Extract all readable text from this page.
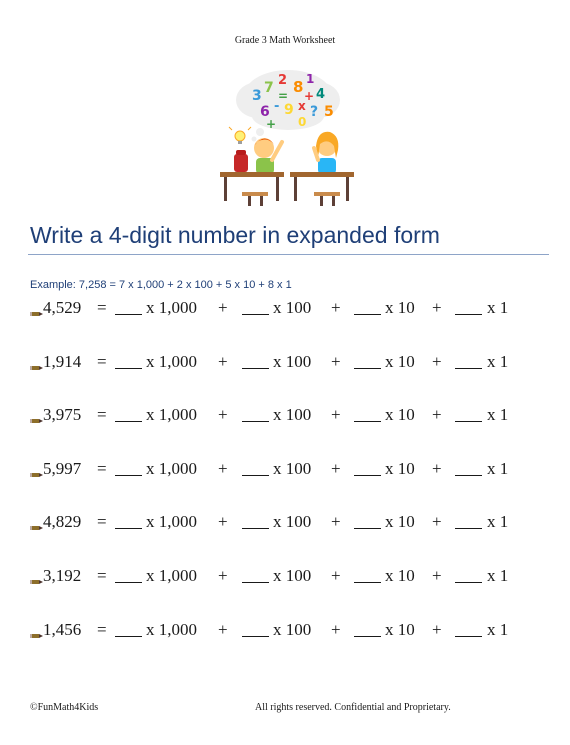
Grade 3 Math Worksheet
3 7 2 8 1
= + 4
6 - 9 x ? 5
+ 0
Write a 4-digit number in expanded form
Example: 7,258 = 7 x 1,000 + 2 x 100 + 5 x 10 + 8 x 1
4,529 = x 1,000 +	x 100 +	x 10 +	x 1
1,914 = x 1,000 +	x 100 +	x 10 +	x 1
3,975 = x 1,000 +	x 100 +	x 10 +	x 1
5,997 = x 1,000 +	x 100 +	x 10 +	x 1
4,829 = x 1,000 +	x 100 +	x 10 +	x 1
3,192 = x 1,000 +	x 100 +	x 10 +	x 1
1,456 = x 1,000 +	x 100 +	x 10 +	x 1
©FunMath4Kids	All rights reserved. Confidential and Proprietary.
